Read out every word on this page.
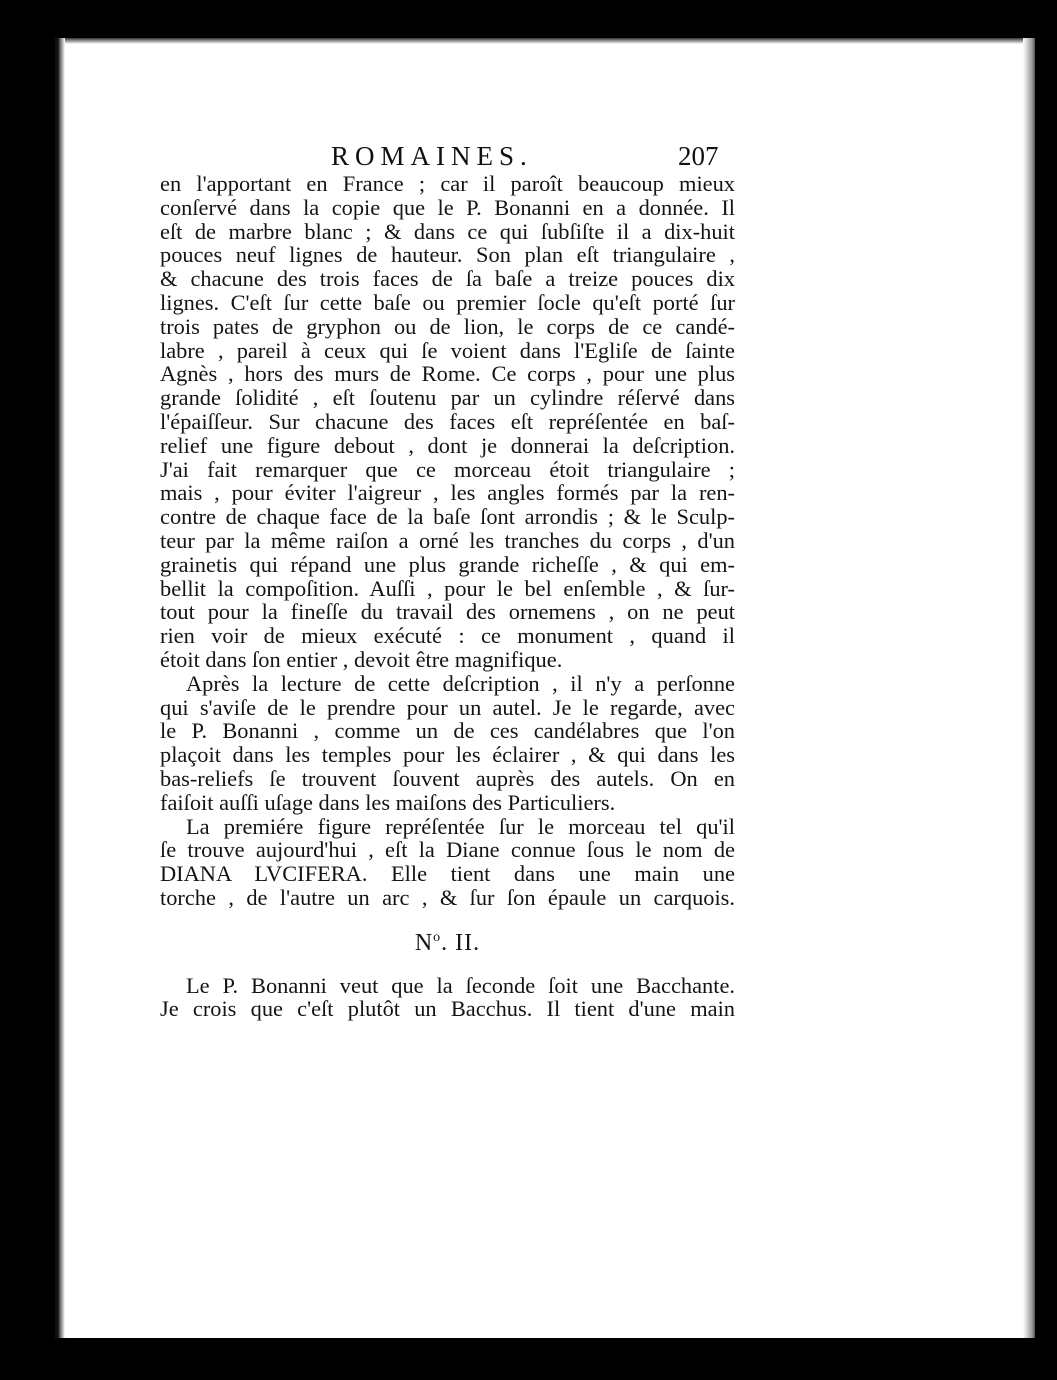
ROMAINES.	207
en l'apportant en France ; car il paroît beaucoup mieux
conſervé dans la copie que le P. Bonanni en a donnée. Il
eſt de marbre blanc ; & dans ce qui ſubſiſte il a dix-huit
pouces neuf lignes de hauteur. Son plan eſt triangulaire ,
& chacune des trois faces de ſa baſe a treize pouces dix
lignes. C'eſt ſur cette baſe ou premier ſocle qu'eſt porté ſur
trois pates de gryphon ou de lion, le corps de ce candé-
labre , pareil à ceux qui ſe voient dans l'Egliſe de ſainte
Agnès , hors des murs de Rome. Ce corps , pour une plus
grande ſolidité , eſt ſoutenu par un cylindre réſervé dans
l'épaiſſeur. Sur chacune des faces eſt repréſentée en baſ-
relief une figure debout , dont je donnerai la deſcription.
J'ai fait remarquer que ce morceau étoit triangulaire ;
mais , pour éviter l'aigreur , les angles formés par la ren-
contre de chaque face de la baſe ſont arrondis ; & le Sculp-
teur par la même raiſon a orné les tranches du corps , d'un
grainetis qui répand une plus grande richeſſe , & qui em-
bellit la compoſition. Auſſi , pour le bel enſemble , & ſur-
tout pour la fineſſe du travail des ornemens , on ne peut
rien voir de mieux exécuté : ce monument , quand il
étoit dans ſon entier , devoit être magnifique.
Après la lecture de cette deſcription , il n'y a perſonne
qui s'aviſe de le prendre pour un autel. Je le regarde, avec
le P. Bonanni , comme un de ces candélabres que l'on
plaçoit dans les temples pour les éclairer , & qui dans les
bas-reliefs ſe trouvent ſouvent auprès des autels. On en
faiſoit auſſi uſage dans les maiſons des Particuliers.
La premiére figure repréſentée ſur le morceau tel qu'il
ſe trouve aujourd'hui , eſt la Diane connue ſous le nom de
DIANA LVCIFERA. Elle tient dans une main une
torche , de l'autre un arc , & ſur ſon épaule un carquois.
$N^o$. II.
Le P. Bonanni veut que la ſeconde ſoit une Bacchante.
Je crois que c'eſt plutôt un Bacchus. Il tient d'une main
